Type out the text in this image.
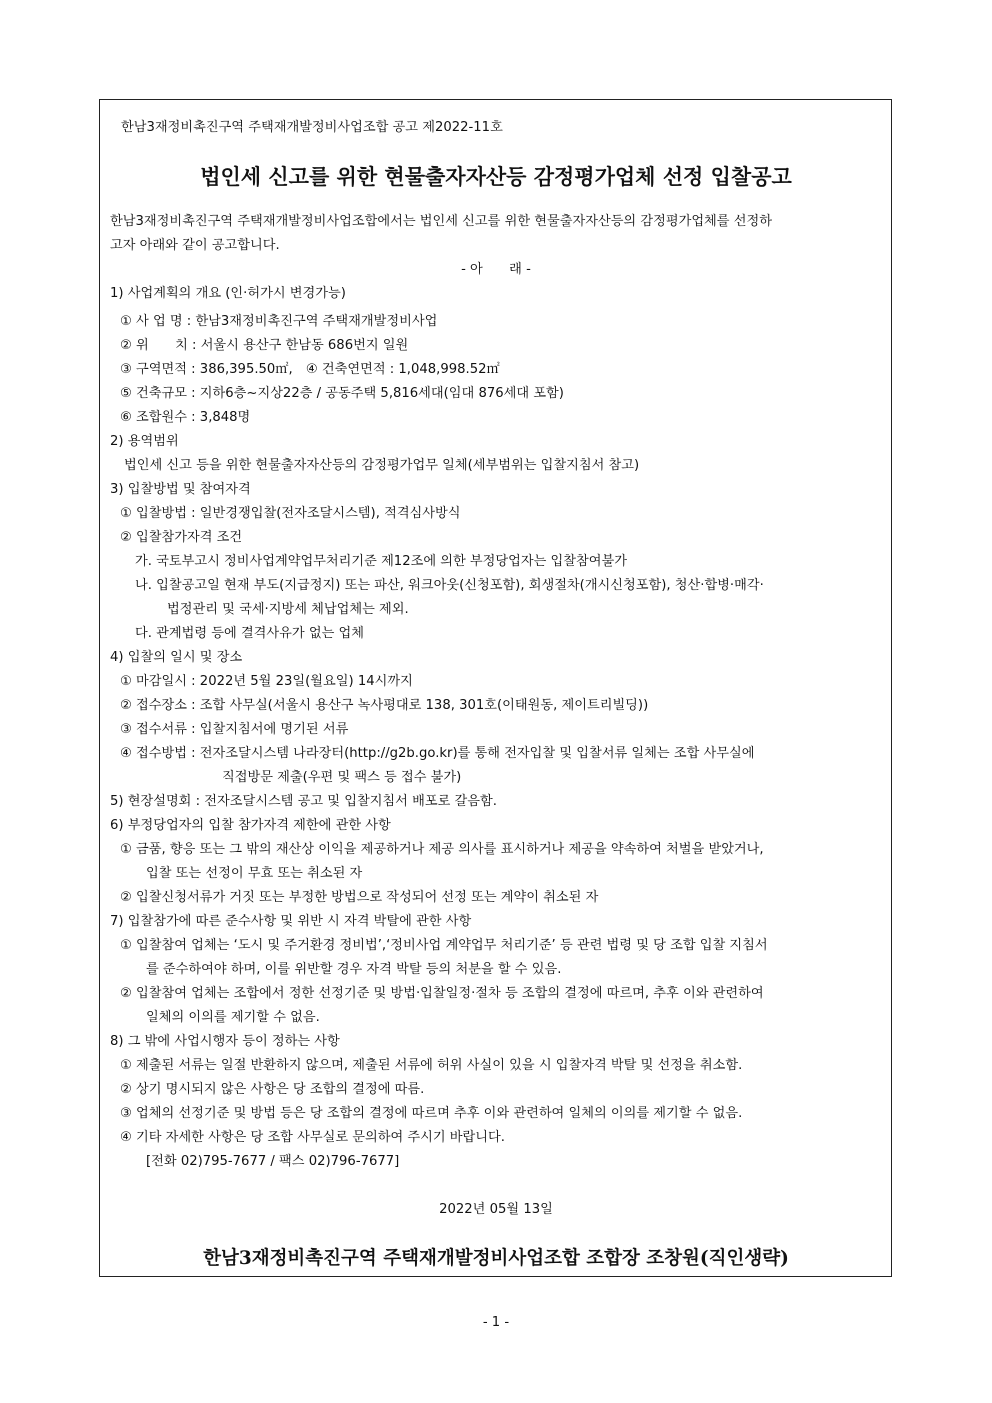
한남3재정비촉진구역 주택재개발정비사업조합 공고 제2022-11호
법인세 신고를 위한 현물출자자산등 감정평가업체 선정 입찰공고
한남3재정비촉진구역 주택재개발정비사업조합에서는 법인세 신고를 위한 현물출자자산등의 감정평가업체를 선정하
고자 아래와 같이 공고합니다.
- 아　　래 -
1) 사업계획의 개요 (인·허가시 변경가능)
① 사 업 명 : 한남3재정비촉진구역 주택재개발정비사업
② 위　　치 : 서울시 용산구 한남동 686번지 일원
③ 구역면적 : 386,395.50㎡,　④ 건축연면적 : 1,048,998.52㎡
⑤ 건축규모 : 지하6층~지상22층 / 공동주택 5,816세대(임대 876세대 포함)
⑥ 조합원수 : 3,848명
2) 용역범위
법인세 신고 등을 위한 현물출자자산등의 감정평가업무 일체(세부범위는 입찰지침서 참고)
3) 입찰방법 및 참여자격
① 입찰방법 : 일반경쟁입찰(전자조달시스템), 적격심사방식
② 입찰참가자격 조건
가. 국토부고시 정비사업계약업무처리기준 제12조에 의한 부정당업자는 입찰참여불가
나. 입찰공고일 현재 부도(지급정지) 또는 파산, 워크아웃(신청포함), 회생절차(개시신청포함), 청산·합병·매각·
법정관리 및 국세·지방세 체납업체는 제외.
다. 관계법령 등에 결격사유가 없는 업체
4) 입찰의 일시 및 장소
① 마감일시 : 2022년 5월 23일(월요일) 14시까지
② 접수장소 : 조합 사무실(서울시 용산구 녹사평대로 138, 301호(이태원동, 제이트리빌딩))
③ 접수서류 : 입찰지침서에 명기된 서류
④ 접수방법 : 전자조달시스템 나라장터(http://g2b.go.kr)를 통해 전자입찰 및 입찰서류 일체는 조합 사무실에
직접방문 제출(우편 및 팩스 등 접수 불가)
5) 현장설명회 : 전자조달시스템 공고 및 입찰지침서 배포로 갈음함.
6) 부정당업자의 입찰 참가자격 제한에 관한 사항
① 금품, 향응 또는 그 밖의 재산상 이익을 제공하거나 제공 의사를 표시하거나 제공을 약속하여 처벌을 받았거나,
입찰 또는 선정이 무효 또는 취소된 자
② 입찰신청서류가 거짓 또는 부정한 방법으로 작성되어 선정 또는 계약이 취소된 자
7) 입찰참가에 따른 준수사항 및 위반 시 자격 박탈에 관한 사항
① 입찰참여 업체는 ‘도시 및 주거환경 정비법’,‘정비사업 계약업무 처리기준’ 등 관련 법령 및 당 조합 입찰 지침서
를 준수하여야 하며, 이를 위반할 경우 자격 박탈 등의 처분을 할 수 있음.
② 입찰참여 업체는 조합에서 정한 선정기준 및 방법·입찰일정·절차 등 조합의 결정에 따르며, 추후 이와 관련하여
일체의 이의를 제기할 수 없음.
8) 그 밖에 사업시행자 등이 정하는 사항
① 제출된 서류는 일절 반환하지 않으며, 제출된 서류에 허위 사실이 있을 시 입찰자격 박탈 및 선정을 취소함.
② 상기 명시되지 않은 사항은 당 조합의 결정에 따름.
③ 업체의 선정기준 및 방법 등은 당 조합의 결정에 따르며 추후 이와 관련하여 일체의 이의를 제기할 수 없음.
④ 기타 자세한 사항은 당 조합 사무실로 문의하여 주시기 바랍니다.
[전화 02)795-7677 / 팩스 02)796-7677]
2022년 05월 13일
한남3재정비촉진구역 주택재개발정비사업조합 조합장 조창원(직인생략)
- 1 -
